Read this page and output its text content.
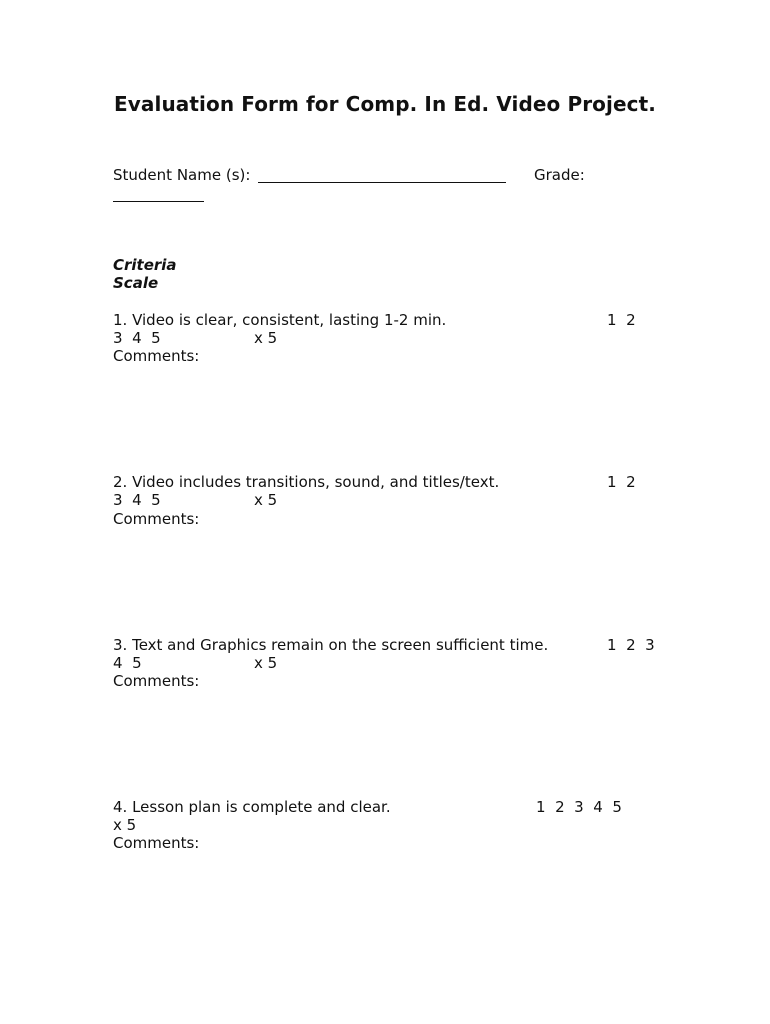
Evaluation Form for Comp. In Ed. Video Project.
Student Name (s):	Grade:
Criteria
Scale
1. Video is clear, consistent, lasting 1-2 min.	1  2
3  4  5	x 5
Comments:
2. Video includes transitions, sound, and titles/text.	1  2
3  4  5	x 5
Comments:
3. Text and Graphics remain on the screen sufficient time.	1  2  3
4  5	x 5
Comments:
4. Lesson plan is complete and clear.	1  2  3  4  5
x 5
Comments:
